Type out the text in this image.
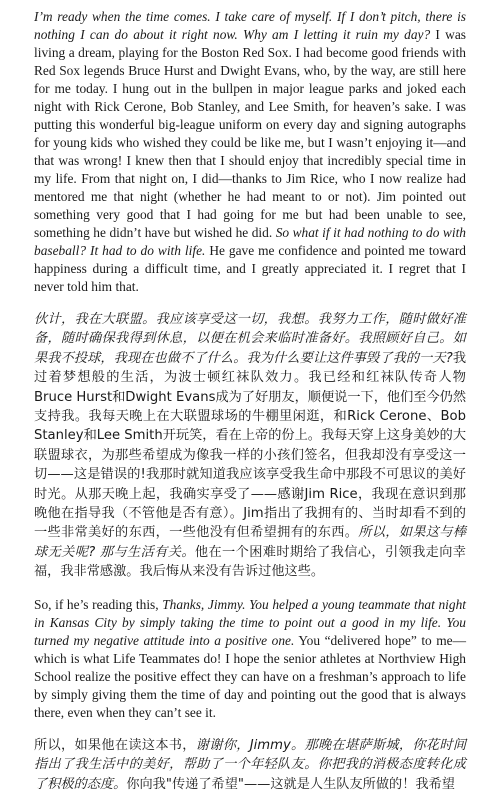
I’m ready when the time comes. I take care of myself. If I don’t pitch, there is nothing I can do about it right now. Why am I letting it ruin my day? I was living a dream, playing for the Boston Red Sox. I had become good friends with Red Sox legends Bruce Hurst and Dwight Evans, who, by the way, are still here for me today. I hung out in the bullpen in major league parks and joked each night with Rick Cerone, Bob Stanley, and Lee Smith, for heaven’s sake. I was putting this wonderful big-league uniform on every day and signing autographs for young kids who wished they could be like me, but I wasn’t enjoying it—and that was wrong! I knew then that I should enjoy that incredibly special time in my life. From that night on, I did—thanks to Jim Rice, who I now realize had mentored me that night (whether he had meant to or not). Jim pointed out something very good that I had going for me but had been unable to see, something he didn’t have but wished he did. So what if it had nothing to do with baseball? It had to do with life. He gave me confidence and pointed me toward happiness during a difficult time, and I greatly appreciated it. I regret that I never told him that.

伙计，我在大联盟。我应该享受这一切，我想。我努力工作，随时做好准备，随时确保我得到休息，以便在机会来临时准备好。我照顾好自己。如果我不投球，我现在也做不了什么。我为什么要让这件事毁了我的一天?我过着梦想般的生活，为波士顿红袜队效力。我已经和红袜队传奇人物Bruce Hurst和Dwight Evans成为了好朋友，顺便说一下，他们至今仍然支持我。我每天晚上在大联盟球场的牛棚里闲逛，和Rick Cerone、Bob Stanley和Lee Smith开玩笑，看在上帝的份上。我每天穿上这身美妙的大联盟球衣，为那些希望成为像我一样的小孩们签名，但我却没有享受这一切——这是错误的!我那时就知道我应该享受我生命中那段不可思议的美好时光。从那天晚上起，我确实享受了——感谢Jim Rice，我现在意识到那晚他在指导我（不管他是否有意）。Jim指出了我拥有的、当时却看不到的一些非常美好的东西，一些他没有但希望拥有的东西。所以，如果这与棒球无关呢? 那与生活有关。他在一个困难时期给了我信心，引领我走向幸福，我非常感激。我后悔从来没有告诉过他这些。

So, if he’s reading this, Thanks, Jimmy. You helped a young teammate that night in Kansas City by simply taking the time to point out a good in my life. You turned my negative attitude into a positive one. You “delivered hope” to me—which is what Life Teammates do! I hope the senior athletes at Northview High School realize the positive effect they can have on a freshman’s approach to life by simply giving them the time of day and pointing out the good that is always there, even when they can’t see it.

所以，如果他在读这本书，谢谢你，Jimmy。那晚在堪萨斯城，你花时间指出了我生活中的美好，帮助了一个年轻队友。你把我的消极态度转化成了积极的态度。你向我"传递了希望"——这就是人生队友所做的！我希望
